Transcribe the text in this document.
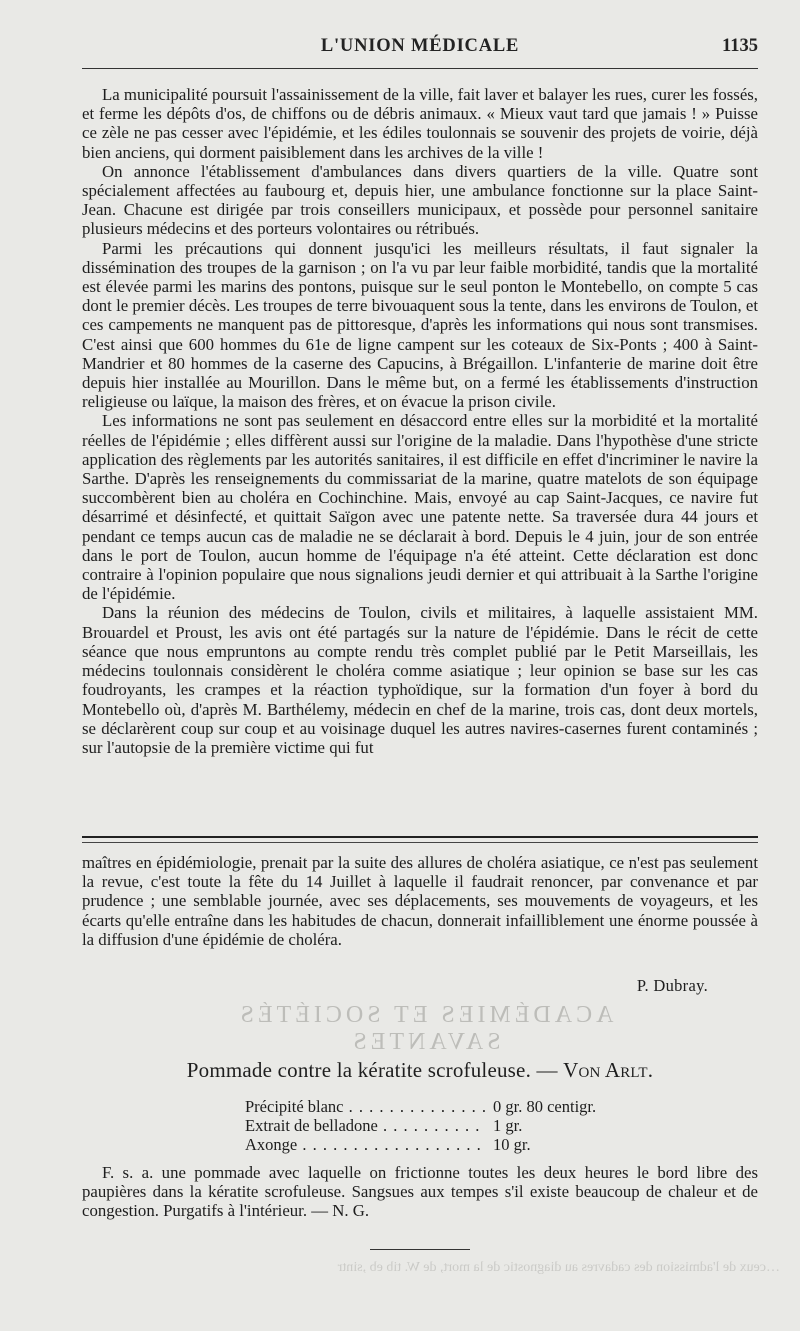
L'UNION MÉDICALE	1135

La municipalité poursuit l'assainissement de la ville, fait laver et balayer les rues, curer les fossés, et ferme les dépôts d'os, de chiffons ou de débris animaux. « Mieux vaut tard que jamais ! » Puisse ce zèle ne pas cesser avec l'épidémie, et les édiles toulonnais se souvenir des projets de voirie, déjà bien anciens, qui dorment paisiblement dans les archives de la ville !

On annonce l'établissement d'ambulances dans divers quartiers de la ville. Quatre sont spécialement affectées au faubourg et, depuis hier, une ambulance fonctionne sur la place Saint-Jean. Chacune est dirigée par trois conseillers municipaux, et possède pour personnel sanitaire plusieurs médecins et des porteurs volontaires ou rétribués.

Parmi les précautions qui donnent jusqu'ici les meilleurs résultats, il faut signaler la dissémination des troupes de la garnison ; on l'a vu par leur faible morbidité, tandis que la mortalité est élevée parmi les marins des pontons, puisque sur le seul ponton le Montebello, on compte 5 cas dont le premier décès. Les troupes de terre bivouaquent sous la tente, dans les environs de Toulon, et ces campements ne manquent pas de pittoresque, d'après les informations qui nous sont transmises. C'est ainsi que 600 hommes du 61e de ligne campent sur les coteaux de Six-Ponts ; 400 à Saint-Mandrier et 80 hommes de la caserne des Capucins, à Brégaillon. L'infanterie de marine doit être depuis hier installée au Mourillon. Dans le même but, on a fermé les établissements d'instruction religieuse ou laïque, la maison des frères, et on évacue la prison civile.

Les informations ne sont pas seulement en désaccord entre elles sur la morbidité et la mortalité réelles de l'épidémie ; elles diffèrent aussi sur l'origine de la maladie. Dans l'hypothèse d'une stricte application des règlements par les autorités sanitaires, il est difficile en effet d'incriminer le navire la Sarthe. D'après les renseignements du commissariat de la marine, quatre matelots de son équipage succombèrent bien au choléra en Cochinchine. Mais, envoyé au cap Saint-Jacques, ce navire fut désarrimé et désinfecté, et quittait Saïgon avec une patente nette. Sa traversée dura 44 jours et pendant ce temps aucun cas de maladie ne se déclarait à bord. Depuis le 4 juin, jour de son entrée dans le port de Toulon, aucun homme de l'équipage n'a été atteint. Cette déclaration est donc contraire à l'opinion populaire que nous signalions jeudi dernier et qui attribuait à la Sarthe l'origine de l'épidémie.

Dans la réunion des médecins de Toulon, civils et militaires, à laquelle assistaient MM. Brouardel et Proust, les avis ont été partagés sur la nature de l'épidémie. Dans le récit de cette séance que nous empruntons au compte rendu très complet publié par le Petit Marseillais, les médecins toulonnais considèrent le choléra comme asiatique ; leur opinion se base sur les cas foudroyants, les crampes et la réaction typhoïdique, sur la formation d'un foyer à bord du Montebello où, d'après M. Barthélemy, médecin en chef de la marine, trois cas, dont deux mortels, se déclarèrent coup sur coup et au voisinage duquel les autres navires-casernes furent contaminés ; sur l'autopsie de la première victime qui fut

maîtres en épidémiologie, prenait par la suite des allures de choléra asiatique, ce n'est pas seulement la revue, c'est toute la fête du 14 Juillet à laquelle il faudrait renoncer, par convenance et par prudence ; une semblable journée, avec ses déplacements, ses mouvements de voyageurs, et les écarts qu'elle entraîne dans les habitudes de chacun, donnerait infailliblement une énorme poussée à la diffusion d'une épidémie de choléra.

P. Dubray.
ACADÉMIES ET SOCIÉTÉS SAVANTES
Pommade contre la kératite scrofuleuse. — Von Arlt.
Précipité blanc . . .	0 gr. 80 centigr.
Extrait de belladone . . .	1 gr.
Axonge . . .	10 gr.

F. s. a. une pommade avec laquelle on frictionne toutes les deux heures le bord libre des paupières dans la kératite scrofuleuse. Sangsues aux tempes s'il existe beaucoup de chaleur et de congestion. Purgatifs à l'intérieur. — N. G.

…ceux de l'admission des cadavres au diagnostic de la mort, de W. tib eb ,sintr
